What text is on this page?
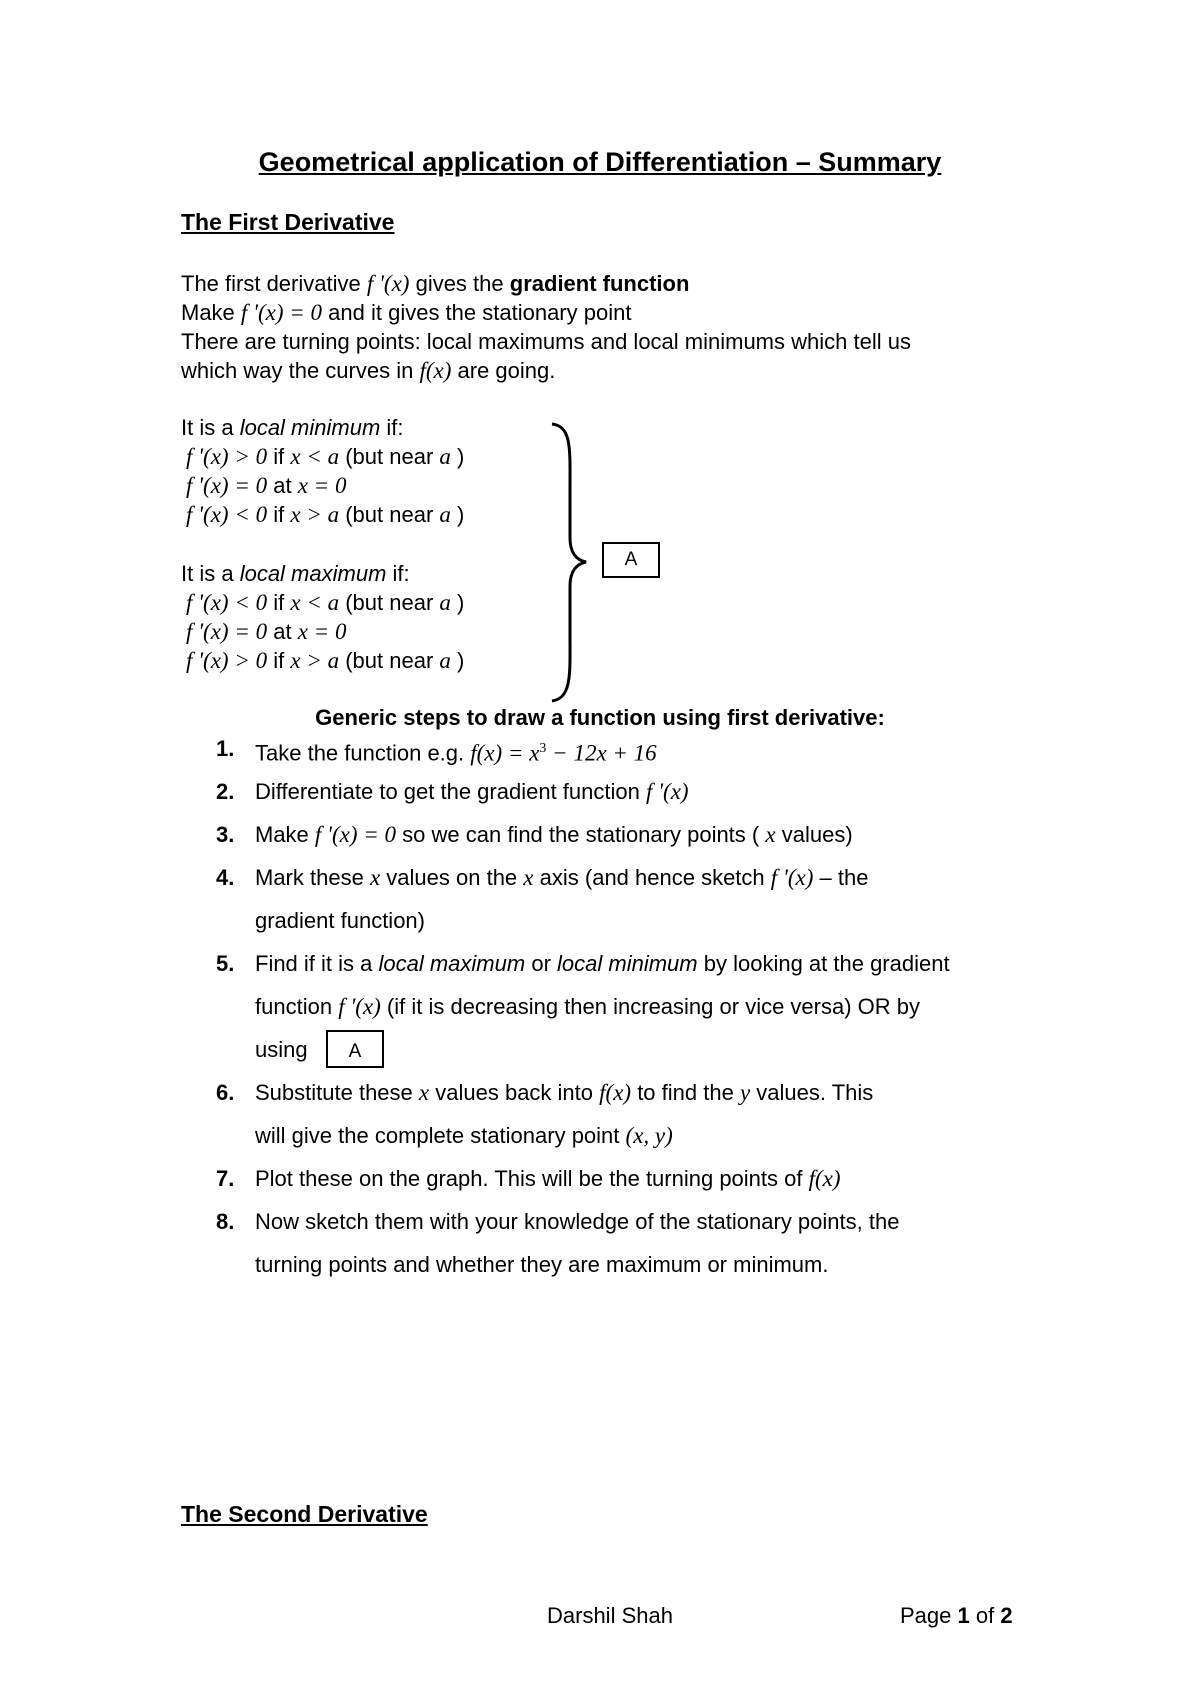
Geometrical application of Differentiation – Summary
The First Derivative
The first derivative f '(x) gives the gradient function
Make f '(x) = 0 and it gives the stationary point
There are turning points: local maximums and local minimums which tell us
which way the curves in f(x) are going.
It is a local minimum if:
f '(x) > 0 if x < a (but near a )
f '(x) = 0 at x = 0
f '(x) < 0 if x > a (but near a )
It is a local maximum if:
f '(x) < 0 if x < a (but near a )
f '(x) = 0 at x = 0
f '(x) > 0 if x > a (but near a )
A
Generic steps to draw a function using first derivative:
1. Take the function e.g. $f(x) = x^3 - 12x + 16$
2. Differentiate to get the gradient function f '(x)
3. Make f '(x) = 0 so we can find the stationary points ( x values)
4. Mark these x values on the x axis (and hence sketch f '(x) – the
gradient function)
5. Find if it is a local maximum or local minimum by looking at the gradient
function f '(x) (if it is decreasing then increasing or vice versa) OR by
using	A
6. Substitute these x values back into f(x) to find the y values. This
will give the complete stationary point (x, y)
7. Plot these on the graph. This will be the turning points of f(x)
8. Now sketch them with your knowledge of the stationary points, the
turning points and whether they are maximum or minimum.
The Second Derivative
Darshil Shah	Page 1 of 2
